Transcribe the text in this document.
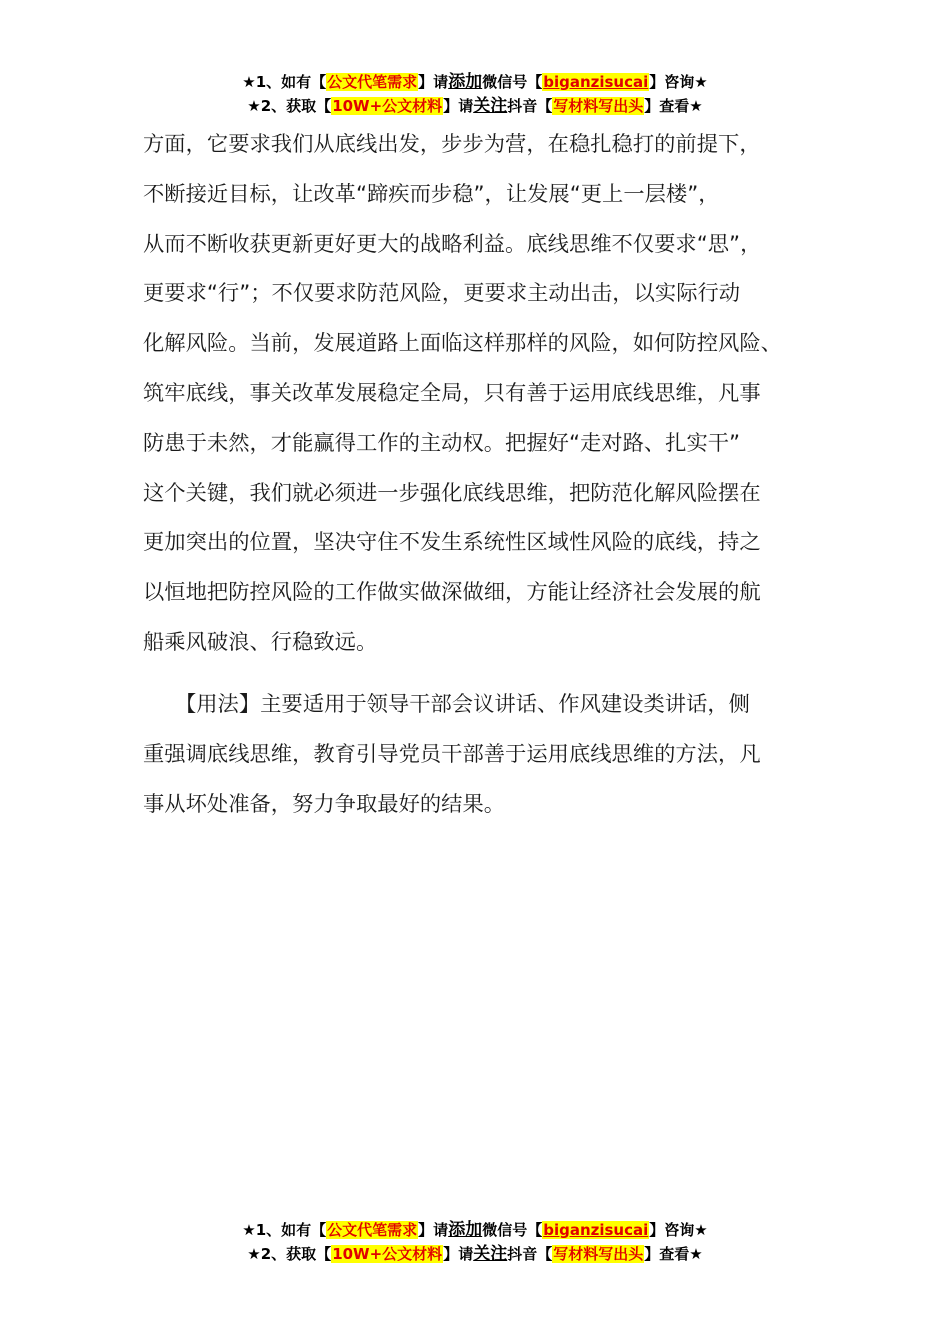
★1、如有【公文代笔需求】请添加微信号【biganzisucai】咨询★
★2、获取【10W+公文材料】请关注抖音【写材料写出头】查看★
方面，它要求我们从底线出发，步步为营，在稳扎稳打的前提下，
不断接近目标，让改革“蹄疾而步稳”，让发展“更上一层楼”，
从而不断收获更新更好更大的战略利益。底线思维不仅要求“思”，
更要求“行”；不仅要求防范风险，更要求主动出击，以实际行动
化解风险。当前，发展道路上面临这样那样的风险，如何防控风险、
筑牢底线，事关改革发展稳定全局，只有善于运用底线思维，凡事
防患于未然，才能赢得工作的主动权。把握好“走对路、扎实干”
这个关键，我们就必须进一步强化底线思维，把防范化解风险摆在
更加突出的位置，坚决守住不发生系统性区域性风险的底线，持之
以恒地把防控风险的工作做实做深做细，方能让经济社会发展的航
船乘风破浪、行稳致远。
　　【用法】主要适用于领导干部会议讲话、作风建设类讲话，侧
重强调底线思维，教育引导党员干部善于运用底线思维的方法，凡
事从坏处准备，努力争取最好的结果。
★1、如有【公文代笔需求】请添加微信号【biganzisucai】咨询★
★2、获取【10W+公文材料】请关注抖音【写材料写出头】查看★
